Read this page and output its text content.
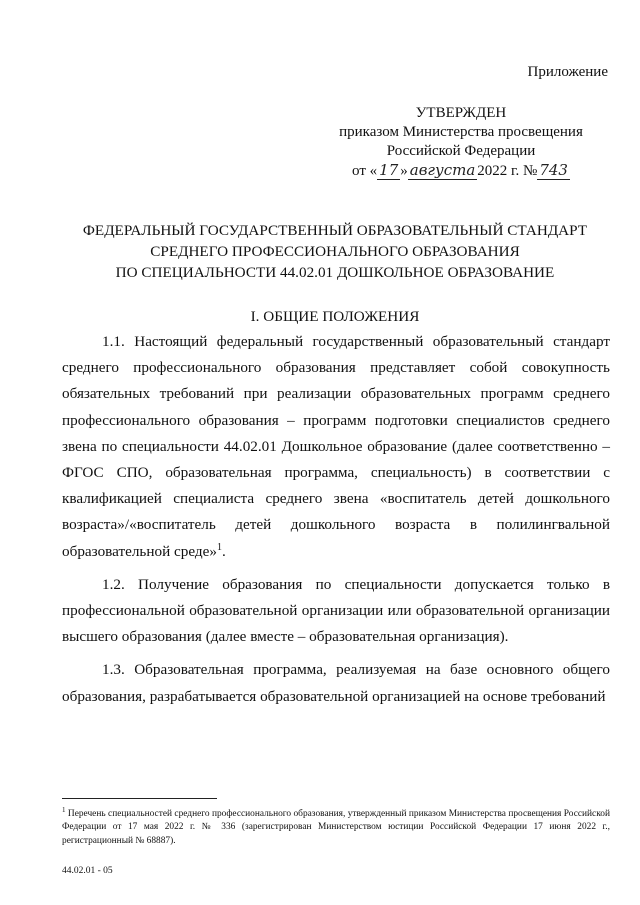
Приложение
УТВЕРЖДЕН
приказом Министерства просвещения
Российской Федерации
от « 17 » августа 2022 г. № 743
ФЕДЕРАЛЬНЫЙ ГОСУДАРСТВЕННЫЙ ОБРАЗОВАТЕЛЬНЫЙ СТАНДАРТ
СРЕДНЕГО ПРОФЕССИОНАЛЬНОГО ОБРАЗОВАНИЯ
ПО СПЕЦИАЛЬНОСТИ 44.02.01 ДОШКОЛЬНОЕ ОБРАЗОВАНИЕ
I. ОБЩИЕ ПОЛОЖЕНИЯ

1.1. Настоящий федеральный государственный образовательный стандарт среднего профессионального образования представляет собой совокупность обязательных требований при реализации образовательных программ среднего профессионального образования – программ подготовки специалистов среднего звена по специальности 44.02.01 Дошкольное образование (далее соответственно – ФГОС СПО, образовательная программа, специальность) в соответствии с квалификацией специалиста среднего звена «воспитатель детей дошкольного возраста»/«воспитатель детей дошкольного возраста в полилингвальной образовательной среде»$^1$.

1.2. Получение образования по специальности допускается только в профессиональной образовательной организации или образовательной организации высшего образования (далее вместе – образовательная организация).

1.3. Образовательная программа, реализуемая на базе основного общего образования, разрабатывается образовательной организацией на основе требований

$^1$ Перечень специальностей среднего профессионального образования, утвержденный приказом Министерства просвещения Российской Федерации от 17 мая 2022 г. № 336 (зарегистрирован Министерством юстиции Российской Федерации 17 июня 2022 г., регистрационный № 68887).
44.02.01 - 05
